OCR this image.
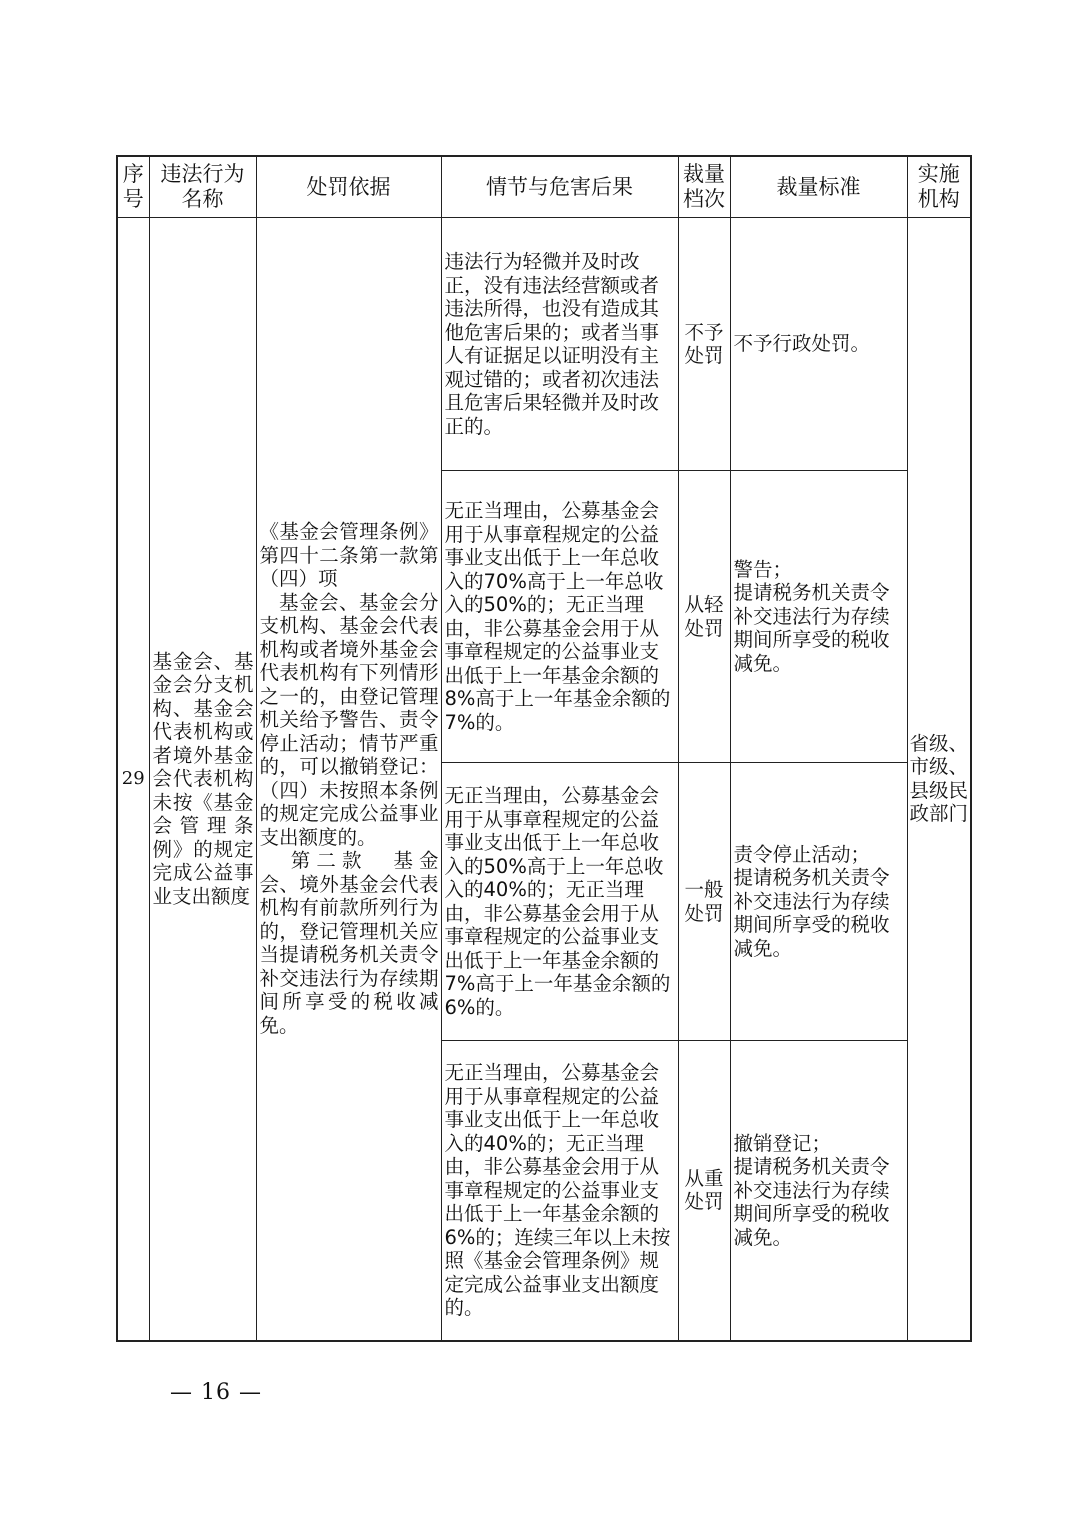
序号	违法行为名称	处罚依据	情节与危害后果	裁量档次	裁量标准	实施机构
29	基金会、基金会分支机构、基金会代表机构或者境外基金会代表机构未按《基金会管理条例》的规定完成公益事业支出额度	《基金会管理条例》第四十二条第一款第（四）项
基金会、基金会分支机构、基金会代表机构或者境外基金会代表机构有下列情形之一的，由登记管理机关给予警告、责令停止活动；情节严重的，可以撤销登记：（四）未按照本条例的规定完成公益事业支出额度的。
第二款　基金会、境外基金会代表机构有前款所列行为的，登记管理机关应当提请税务机关责令补交违法行为存续期间所享受的税收减免。	违法行为轻微并及时改正，没有违法经营额或者违法所得，也没有造成其他危害后果的；或者当事人有证据足以证明没有主观过错的；或者初次违法且危害后果轻微并及时改正的。	不予处罚	不予行政处罚。	省级、市级、县级民政部门
			无正当理由，公募基金会用于从事章程规定的公益事业支出低于上一年总收入的70%高于上一年总收入的50%的；无正当理由，非公募基金会用于从事章程规定的公益事业支出低于上一年基金余额的8%高于上一年基金余额的7%的。	从轻处罚	警告；
提请税务机关责令补交违法行为存续期间所享受的税收减免。	

			无正当理由，公募基金会用于从事章程规定的公益事业支出低于上一年总收入的50%高于上一年总收入的40%的；无正当理由，非公募基金会用于从事章程规定的公益事业支出低于上一年基金余额的7%高于上一年基金余额的6%的。	一般处罚	责令停止活动；
提请税务机关责令补交违法行为存续期间所享受的税收减免。	

			无正当理由，公募基金会用于从事章程规定的公益事业支出低于上一年总收入的40%的；无正当理由，非公募基金会用于从事章程规定的公益事业支出低于上一年基金余额的6%的；连续三年以上未按照《基金会管理条例》规定完成公益事业支出额度的。	从重处罚	撤销登记；
提请税务机关责令补交违法行为存续期间所享受的税收减免。	
— 16 —
